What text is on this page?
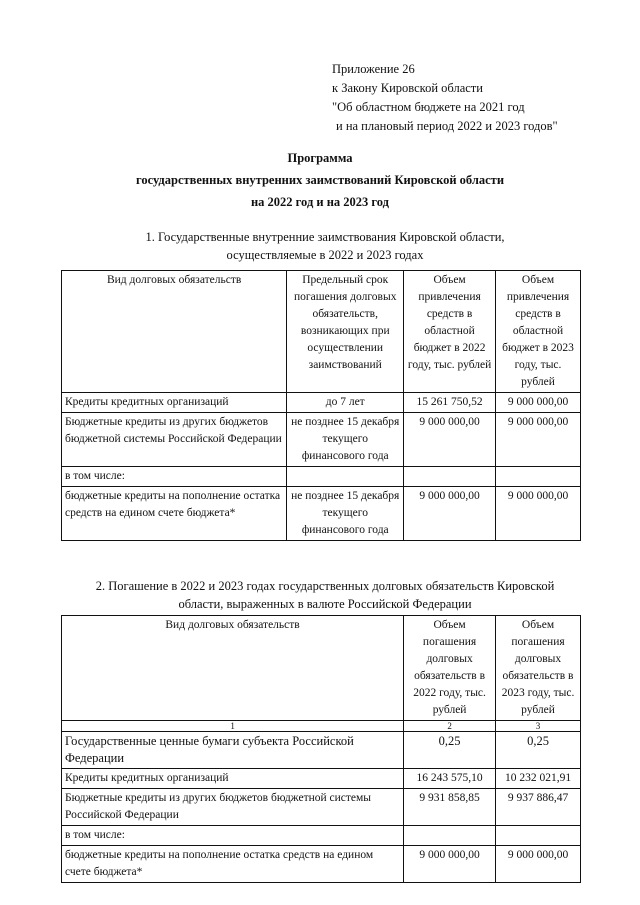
Приложение 26
к Закону Кировской области
"Об областном бюджете на 2021 год
и на плановый период 2022 и 2023 годов"
Программа
государственных внутренних заимствований Кировской области
на 2022 год и на 2023 год
1. Государственные внутренние заимствования Кировской области,
осуществляемые в 2022 и 2023 годах
Вид долговых обязательств	Предельный срок погашения долговых обязательств, возникающих при осуществлении заимствований	Объем привлечения средств в областной бюджет в 2022 году, тыс. рублей	Объем привлечения средств в областной бюджет в 2023 году, тыс. рублей
Кредиты кредитных организаций	до 7 лет	15 261 750,52	9 000 000,00
Бюджетные кредиты из других бюджетов бюджетной системы Российской Федерации	не позднее 15 декабря текущего финансового года	9 000 000,00	9 000 000,00
в том числе:			
бюджетные кредиты на пополнение остатка средств на едином счете бюджета*	не позднее 15 декабря текущего финансового года	9 000 000,00	9 000 000,00
2. Погашение в 2022 и 2023 годах государственных долговых обязательств Кировской
области, выраженных в валюте Российской Федерации
Вид долговых обязательств	Объем погашения долговых обязательств в 2022 году, тыс. рублей	Объем погашения долговых обязательств в 2023 году, тыс. рублей
1	2	3
Государственные ценные бумаги субъекта Российской Федерации	0,25	0,25
Кредиты кредитных организаций	16 243 575,10	10 232 021,91
Бюджетные кредиты из других бюджетов бюджетной системы Российской Федерации	9 931 858,85	9 937 886,47
в том числе:		
бюджетные кредиты на пополнение остатка средств на едином счете бюджета*	9 000 000,00	9 000 000,00
